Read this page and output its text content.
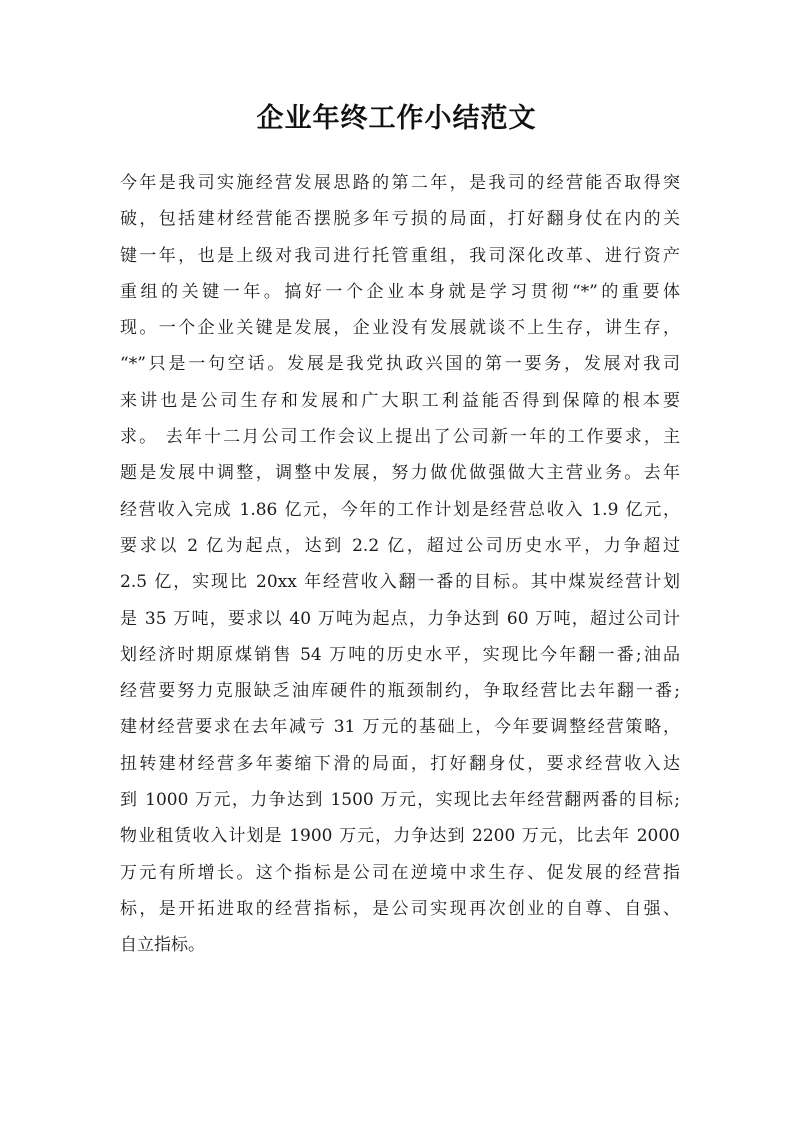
企业年终工作小结范文
今年是我司实施经营发展思路的第二年，是我司的经营能否取得突
破，包括建材经营能否摆脱多年亏损的局面，打好翻身仗在内的关
键一年，也是上级对我司进行托管重组，我司深化改革、进行资产
重组的关键一年。搞好一个企业本身就是学习贯彻“*”的重要体
现。一个企业关键是发展，企业没有发展就谈不上生存，讲生存，
“*”只是一句空话。发展是我党执政兴国的第一要务，发展对我司
来讲也是公司生存和发展和广大职工利益能否得到保障的根本要
求。 去年十二月公司工作会议上提出了公司新一年的工作要求，主
题是发展中调整，调整中发展，努力做优做强做大主营业务。去年
经营收入完成 1.86 亿元，今年的工作计划是经营总收入 1.9 亿元，
要求以 2 亿为起点，达到 2.2 亿，超过公司历史水平，力争超过
2.5 亿，实现比 20xx 年经营收入翻一番的目标。其中煤炭经营计划
是 35 万吨，要求以 40 万吨为起点，力争达到 60 万吨，超过公司计
划经济时期原煤销售 54 万吨的历史水平，实现比今年翻一番;油品
经营要努力克服缺乏油库硬件的瓶颈制约，争取经营比去年翻一番;
建材经营要求在去年减亏 31 万元的基础上，今年要调整经营策略，
扭转建材经营多年萎缩下滑的局面，打好翻身仗，要求经营收入达
到 1000 万元，力争达到 1500 万元，实现比去年经营翻两番的目标;
物业租赁收入计划是 1900 万元，力争达到 2200 万元，比去年 2000
万元有所增长。这个指标是公司在逆境中求生存、促发展的经营指
标，是开拓进取的经营指标，是公司实现再次创业的自尊、自强、
自立指标。
